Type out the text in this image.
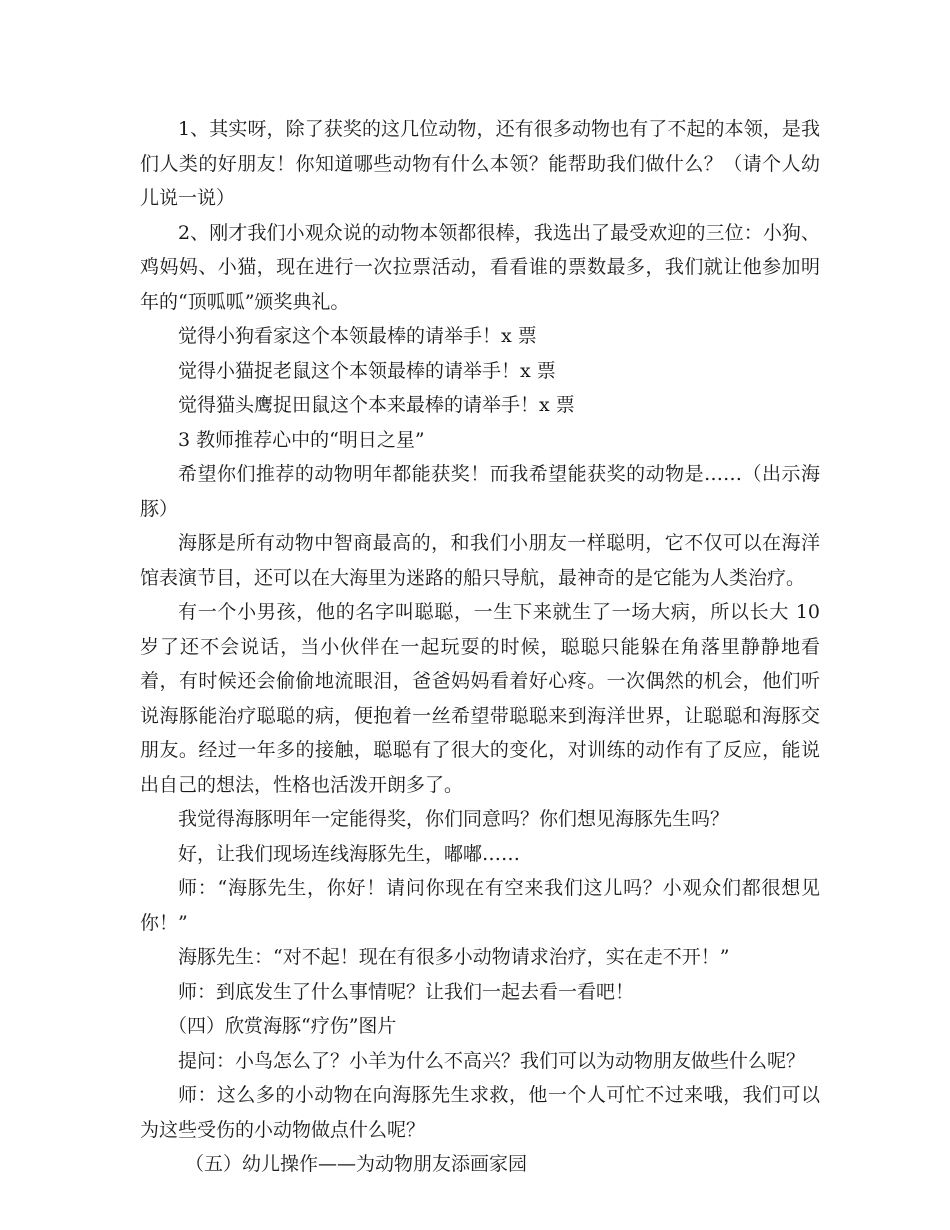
1、其实呀，除了获奖的这几位动物，还有很多动物也有了不起的本领，是我们人类的好朋友！你知道哪些动物有什么本领？能帮助我们做什么？（请个人幼儿说一说）

2、刚才我们小观众说的动物本领都很棒，我选出了最受欢迎的三位：小狗、鸡妈妈、小猫，现在进行一次拉票活动，看看谁的票数最多，我们就让他参加明年的“顶呱呱”颁奖典礼。

觉得小狗看家这个本领最棒的请举手！x 票

觉得小猫捉老鼠这个本领最棒的请举手！x 票

觉得猫头鹰捉田鼠这个本来最棒的请举手！x 票

3 教师推荐心中的“明日之星”

希望你们推荐的动物明年都能获奖！而我希望能获奖的动物是……（出示海豚）

海豚是所有动物中智商最高的，和我们小朋友一样聪明，它不仅可以在海洋馆表演节目，还可以在大海里为迷路的船只导航，最神奇的是它能为人类治疗。

有一个小男孩，他的名字叫聪聪，一生下来就生了一场大病，所以长大 10 岁了还不会说话，当小伙伴在一起玩耍的时候，聪聪只能躲在角落里静静地看着，有时候还会偷偷地流眼泪，爸爸妈妈看着好心疼。一次偶然的机会，他们听说海豚能治疗聪聪的病，便抱着一丝希望带聪聪来到海洋世界，让聪聪和海豚交朋友。经过一年多的接触，聪聪有了很大的变化，对训练的动作有了反应，能说出自己的想法，性格也活泼开朗多了。

我觉得海豚明年一定能得奖，你们同意吗？你们想见海豚先生吗？

好，让我们现场连线海豚先生，嘟嘟……

师：“海豚先生，你好！请问你现在有空来我们这儿吗？小观众们都很想见你！”

海豚先生：“对不起！现在有很多小动物请求治疗，实在走不开！”

师：到底发生了什么事情呢？让我们一起去看一看吧！

（四）欣赏海豚“疗伤”图片

提问：小鸟怎么了？小羊为什么不高兴？我们可以为动物朋友做些什么呢？

师：这么多的小动物在向海豚先生求救，他一个人可忙不过来哦，我们可以为这些受伤的小动物做点什么呢？

（五）幼儿操作——为动物朋友添画家园
